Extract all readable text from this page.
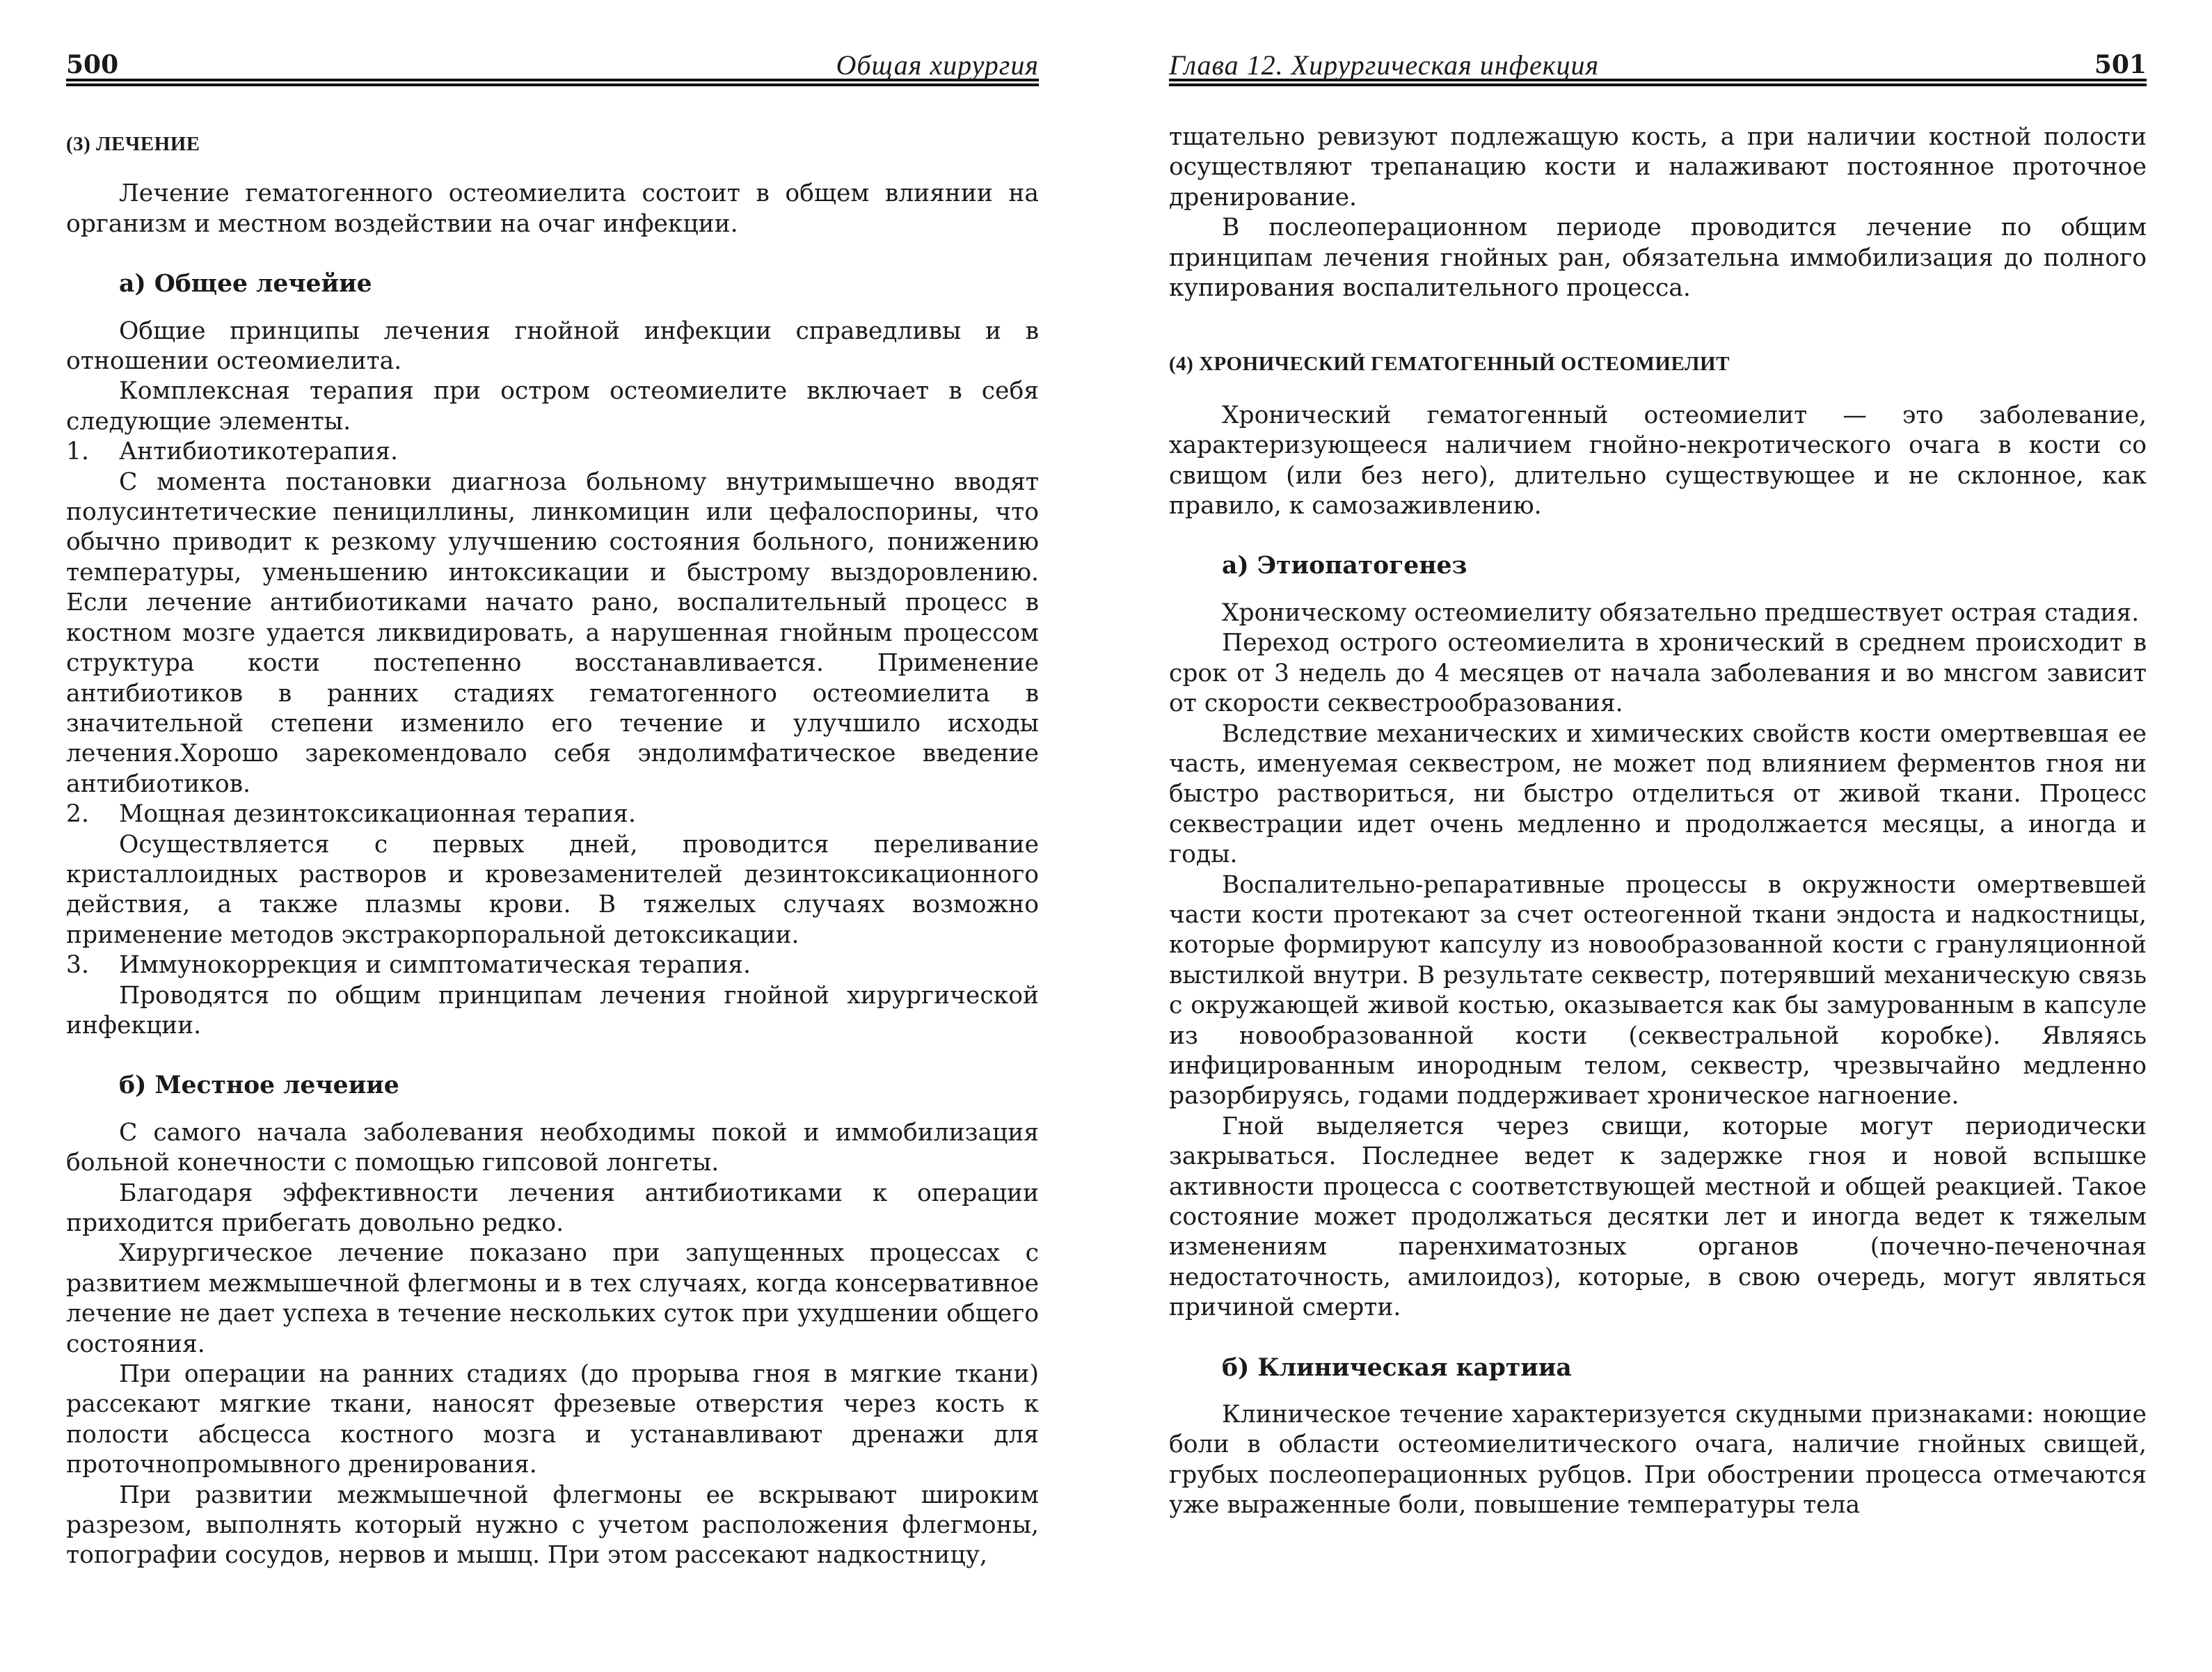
500	Общая хирургия

(3) ЛЕЧЕНИЕ

Лечение гематогенного остеомиелита состоит в общем влиянии на организм и местном воздействии на очаг инфекции.

а) Общее лечейие

Общие принципы лечения гнойной инфекции справедливы и в отношении остеомиелита.

Комплексная терапия при остром остеомиелите включает в себя следующие элементы.

1. Антибиотикотерапия.

С момента постановки диагноза больному внутримышечно вводят полусинтетические пенициллины, линкомицин или цефалоспорины, что обычно приводит к резкому улучшению состояния больного, понижению температуры, уменьшению интоксикации и быстрому выздоровлению. Если лечение антибиотиками начато рано, воспалительный процесс в костном мозге удается ликвидировать, а нарушенная гнойным процессом структура кости постепенно восстанавливается. Применение антибиотиков в ранних стадиях гематогенного остеомиелита в значительной степени изменило его течение и улучшило исходы лечения.Хорошо зарекомендовало себя эндолимфатическое введение антибиотиков.

2. Мощная дезинтоксикационная терапия.

Осуществляется с первых дней, проводится переливание кристаллоидных растворов и кровезаменителей дезинтоксикационного действия, а также плазмы крови. В тяжелых случаях возможно применение методов экстракорпоральной детоксикации.

3. Иммунокоррекция и симптоматическая терапия.

Проводятся по общим принципам лечения гнойной хирургической инфекции.

б) Местное лечеиие

С самого начала заболевания необходимы покой и иммобилизация больной конечности с помощью гипсовой лонгеты.

Благодаря эффективности лечения антибиотиками к операции приходится прибегать довольно редко.

Хирургическое лечение показано при запущенных процессах с развитием межмышечной флегмоны и в тех случаях, когда консервативное лечение не дает успеха в течение нескольких суток при ухудшении общего состояния.

При операции на ранних стадиях (до прорыва гноя в мягкие ткани) рассекают мягкие ткани, наносят фрезевые отверстия через кость к полости абсцесса костного мозга и устанавливают дренажи для проточнопромывного дренирования.

При развитии межмышечной флегмоны ее вскрывают широким разрезом, выполнять который нужно с учетом расположения флегмоны, топографии сосудов, нервов и мышц. При этом рассекают надкостницу,

Глава 12. Хирургическая инфекция	501

тщательно ревизуют подлежащую кость, а при наличии костной полости осуществляют трепанацию кости и налаживают постоянное проточное дренирование.

В послеоперационном периоде проводится лечение по общим принципам лечения гнойных ран, обязательна иммобилизация до полного купирования воспалительного процесса.

(4) ХРОНИЧЕСКИЙ ГЕМАТОГЕННЫЙ ОСТЕОМИЕЛИТ

Хронический гематогенный остеомиелит — это заболевание, характеризующееся наличием гнойно-некротического очага в кости со свищом (или без него), длительно существующее и не склонное, как правило, к самозаживлению.

а) Этиопатогенез

Хроническому остеомиелиту обязательно предшествует острая стадия.

Переход острого остеомиелита в хронический в среднем происходит в срок от 3 недель до 4 месяцев от начала заболевания и во мнсгом зависит от скорости секвестрообразования.

Вследствие механических и химических свойств кости омертвевшая ее часть, именуемая секвестром, не может под влиянием ферментов гноя ни быстро раствориться, ни быстро отделиться от живой ткани. Процесс секвестрации идет очень медленно и продолжается месяцы, а иногда и годы.

Воспалительно-репаративные процессы в окружности омертвевшей части кости протекают за счет остеогенной ткани эндоста и надкостницы, которые формируют капсулу из новообразованной кости с грануляционной выстилкой внутри. В результате секвестр, потерявший механическую связь с окружающей живой костью, оказывается как бы замурованным в капсуле из новообразованной кости (секвестральной коробке). Являясь инфицированным инородным телом, секвестр, чрезвычайно медленно разорбируясь, годами поддерживает хроническое нагноение.

Гной выделяется через свищи, которые могут периодически закрываться. Последнее ведет к задержке гноя и новой вспышке активности процесса с соответствующей местной и общей реакцией. Такое состояние может продолжаться десятки лет и иногда ведет к тяжелым изменениям паренхиматозных органов (почечно-печеночная недостаточность, амилоидоз), которые, в свою очередь, могут являться причиной смерти.

б) Клиническая картииа

Клиническое течение характеризуется скудными признаками: ноющие боли в области остеомиелитического очага, наличие гнойных свищей, грубых послеоперационных рубцов. При обострении процесса отмечаются уже выраженные боли, повышение температуры тела
